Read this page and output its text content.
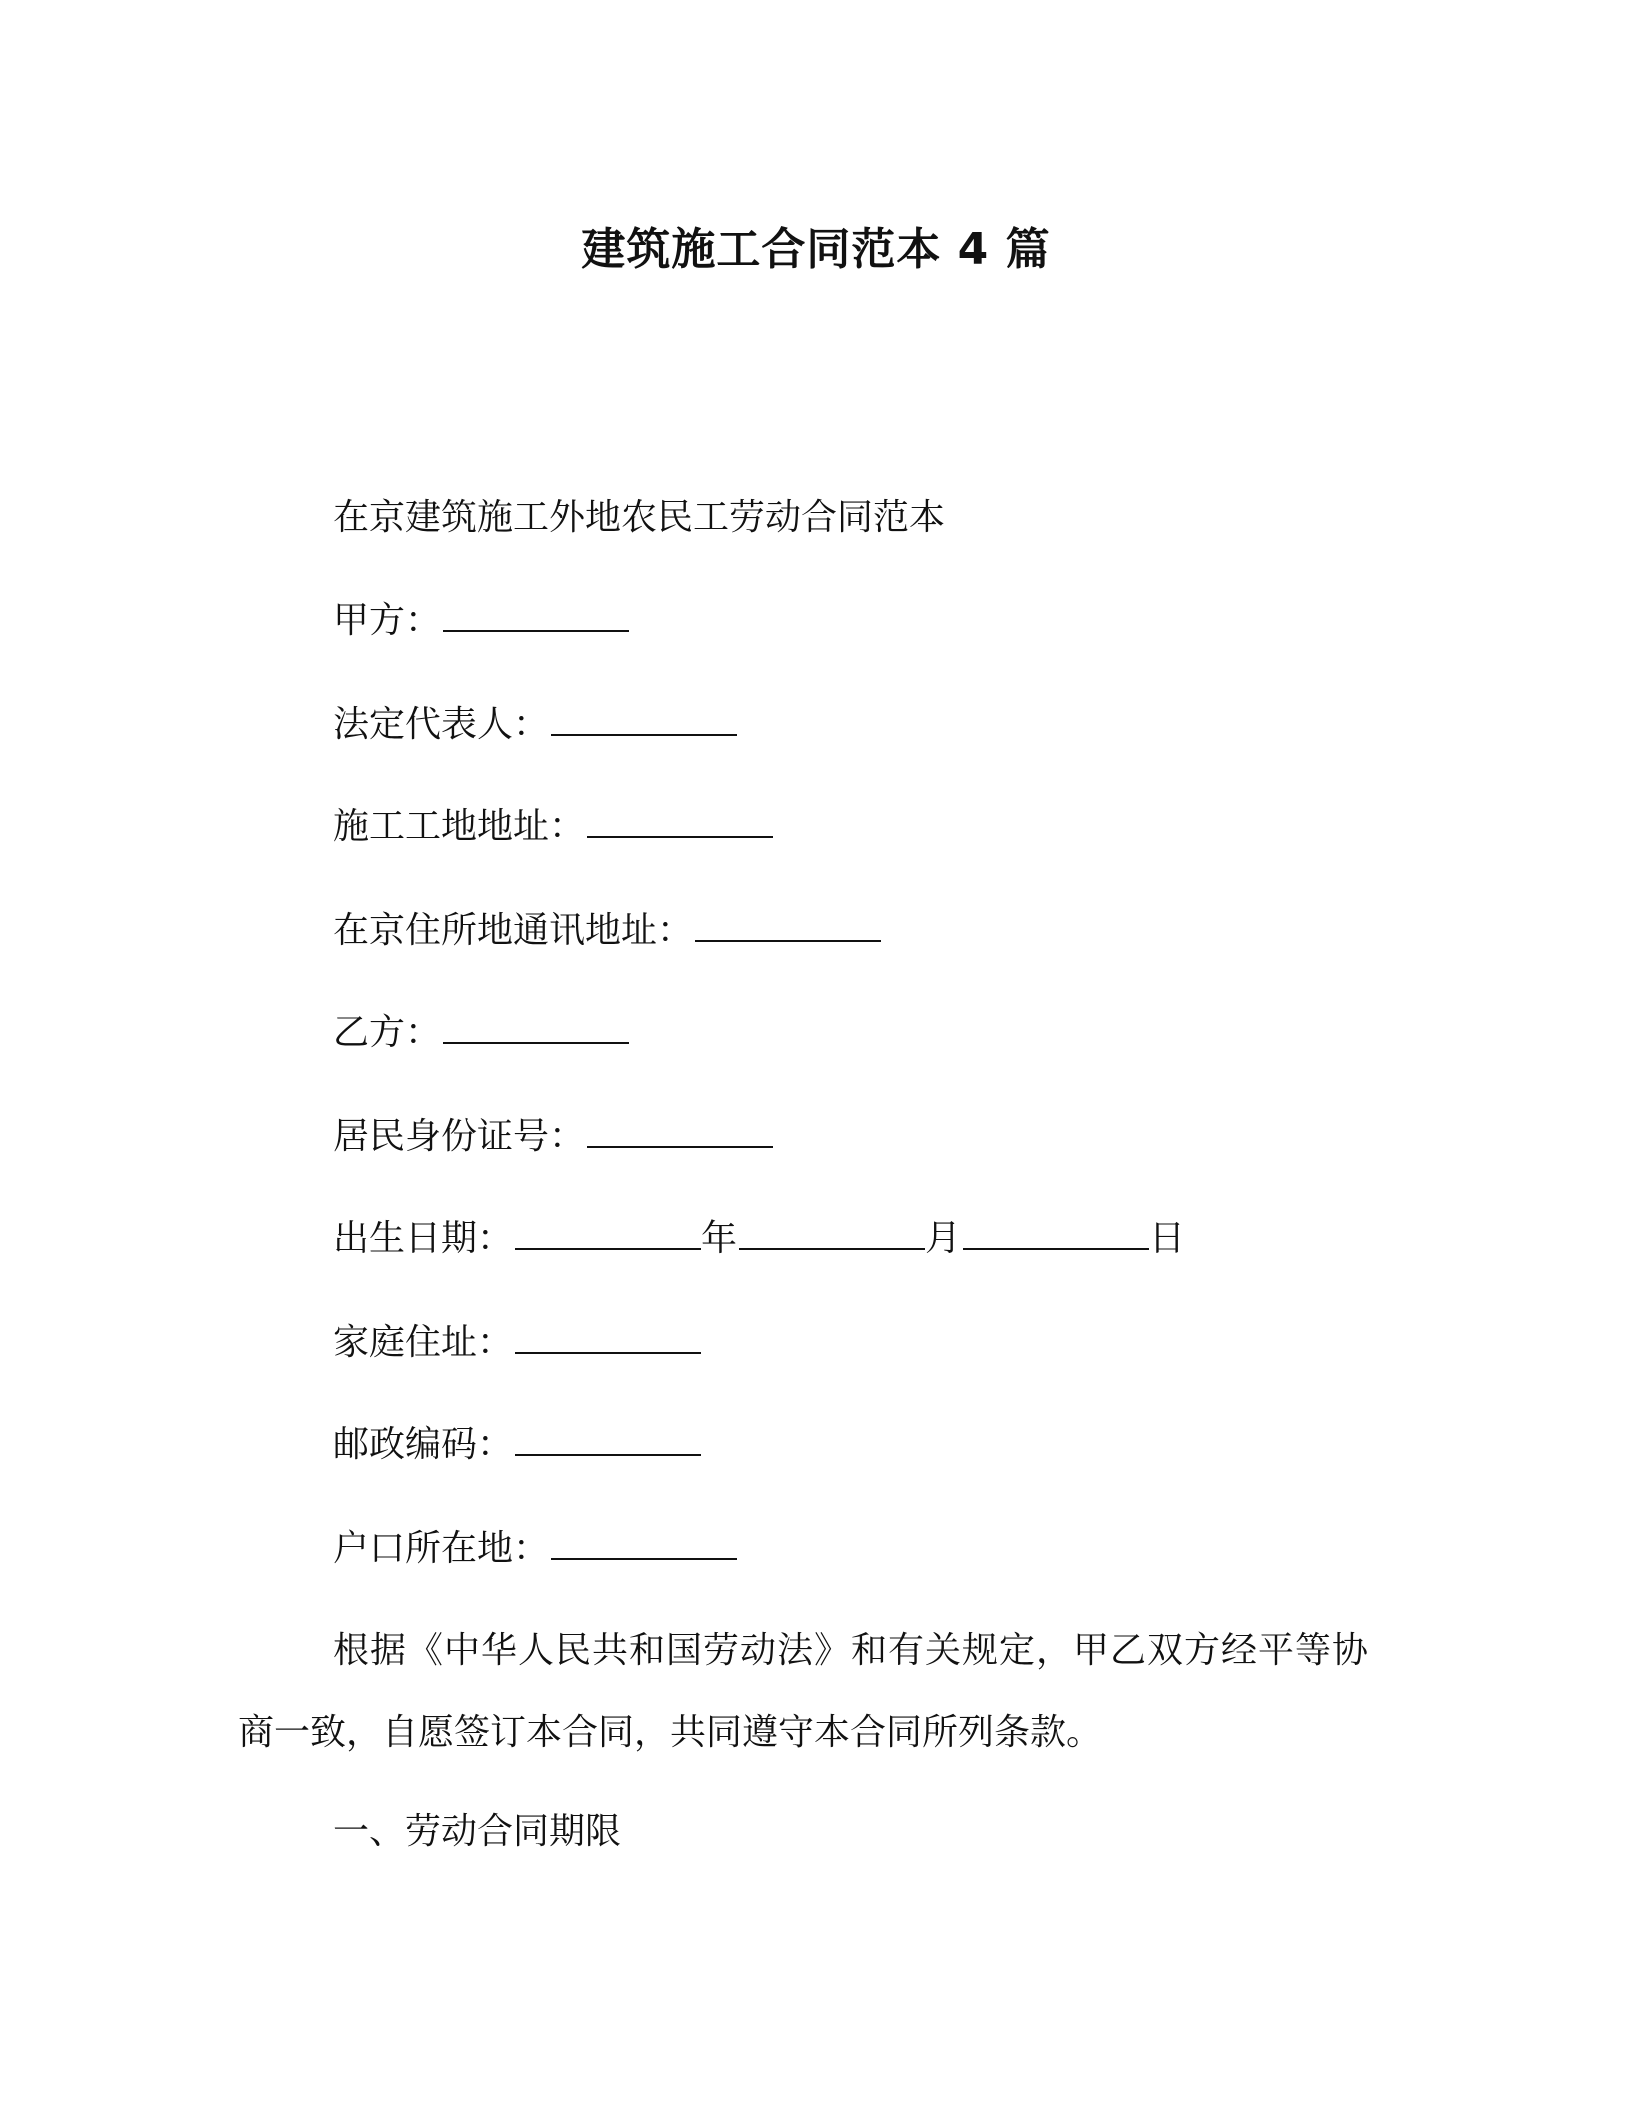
建筑施工合同范本 4 篇
在京建筑施工外地农民工劳动合同范本
甲方：
法定代表人：
施工工地地址：
在京住所地通讯地址：
乙方：
居民身份证号：
出生日期：	年	月	日
家庭住址：
邮政编码：
户口所在地：
根据《中华人民共和国劳动法》和有关规定，甲乙双方经平等协商一致，自愿签订本合同，共同遵守本合同所列条款。
一、劳动合同期限
